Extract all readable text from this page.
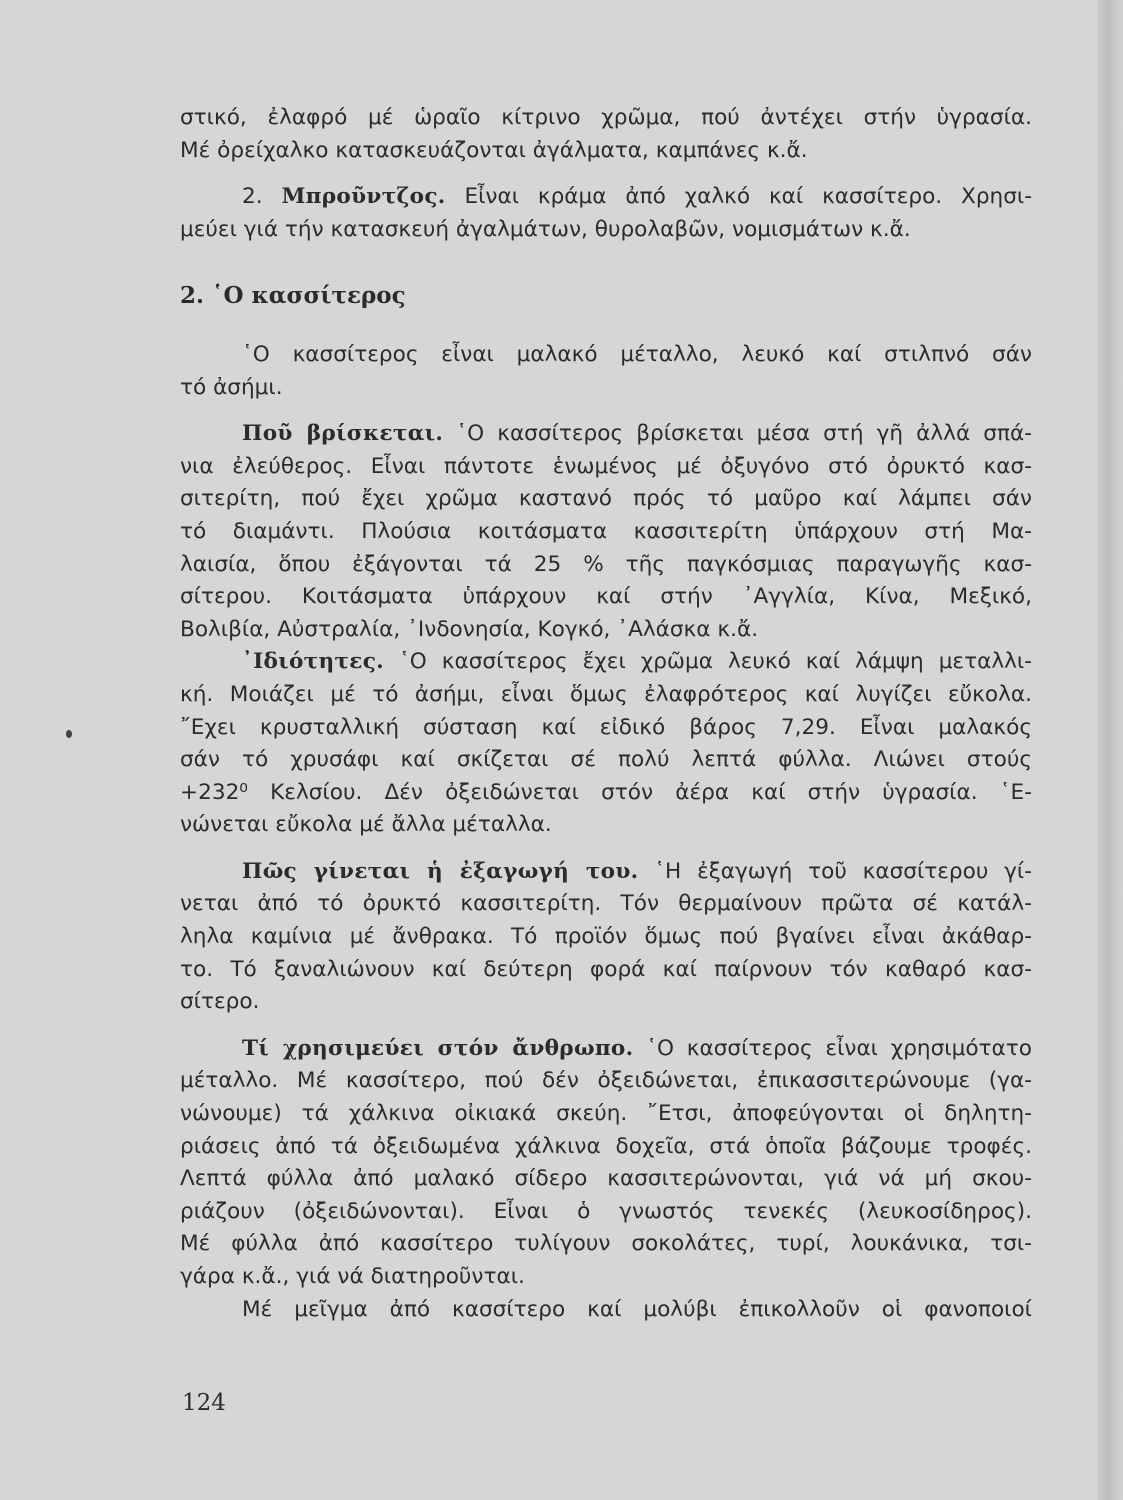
στικό, ἐλαφρό μέ ὡραῖο κίτρινο χρῶμα, πού ἀντέχει στήν ὑγρασία.
Μέ ὀρείχαλκο κατασκευάζονται ἀγάλματα, καμπάνες κ.ἄ.

2. Μπροῦντζος. Εἶναι κράμα ἀπό χαλκό καί κασσίτερο. Χρησι-
μεύει γιά τήν κατασκευή ἀγαλμάτων, θυρολαβῶν, νομισμάτων κ.ἄ.

2. ῾Ο κασσίτερος

῾Ο κασσίτερος εἶναι μαλακό μέταλλο, λευκό καί στιλπνό σάν
τό ἀσήμι.

Ποῦ βρίσκεται. ῾Ο κασσίτερος βρίσκεται μέσα στή γῆ ἀλλά σπά-
νια ἐλεύθερος. Εἶναι πάντοτε ἑνωμένος μέ ὀξυγόνο στό ὀρυκτό κασ-
σιτερίτη, πού ἔχει χρῶμα καστανό πρός τό μαῦρο καί λάμπει σάν
τό διαμάντι. Πλούσια κοιτάσματα κασσιτερίτη ὑπάρχουν στή Μα-
λαισία, ὅπου ἐξάγονται τά 25 % τῆς παγκόσμιας παραγωγῆς κασ-
σίτερου. Κοιτάσματα ὑπάρχουν καί στήν ᾿Αγγλία, Κίνα, Μεξικό,
Βολιβία, Αὐστραλία, ᾿Ινδονησία, Κογκό, ᾿Αλάσκα κ.ἄ.

᾿Ιδιότητες. ῾Ο κασσίτερος ἔχει χρῶμα λευκό καί λάμψη μεταλλι-
κή. Μοιάζει μέ τό ἀσήμι, εἶναι ὅμως ἐλαφρότερος καί λυγίζει εὔκολα.
῎Εχει κρυσταλλική σύσταση καί εἰδικό βάρος 7,29. Εἶναι μαλακός
σάν τό χρυσάφι καί σκίζεται σέ πολύ λεπτά φύλλα. Λιώνει στούς
+232⁰ Κελσίου. Δέν ὀξειδώνεται στόν ἀέρα καί στήν ὑγρασία. ῾Ε-
νώνεται εὔκολα μέ ἄλλα μέταλλα.

Πῶς γίνεται ἡ ἐξαγωγή του. ῾Η ἐξαγωγή τοῦ κασσίτερου γί-
νεται ἀπό τό ὀρυκτό κασσιτερίτη. Τόν θερμαίνουν πρῶτα σέ κατάλ-
ληλα καμίνια μέ ἄνθρακα. Τό προϊόν ὅμως πού βγαίνει εἶναι ἀκάθαρ-
το. Τό ξαναλιώνουν καί δεύτερη φορά καί παίρνουν τόν καθαρό κασ-
σίτερο.

Τί χρησιμεύει στόν ἄνθρωπο. ῾Ο κασσίτερος εἶναι χρησιμότατο
μέταλλο. Μέ κασσίτερο, πού δέν ὀξειδώνεται, ἐπικασσιτερώνουμε (γα-
νώνουμε) τά χάλκινα οἰκιακά σκεύη. ῎Ετσι, ἀποφεύγονται οἱ δηλητη-
ριάσεις ἀπό τά ὀξειδωμένα χάλκινα δοχεῖα, στά ὁποῖα βάζουμε τροφές.
Λεπτά φύλλα ἀπό μαλακό σίδερο κασσιτερώνονται, γιά νά μή σκου-
ριάζουν (ὀξειδώνονται). Εἶναι ὁ γνωστός τενεκές (λευκοσίδηρος).
Μέ φύλλα ἀπό κασσίτερο τυλίγουν σοκολάτες, τυρί, λουκάνικα, τσι-
γάρα κ.ἄ., γιά νά διατηροῦνται.

Μέ μεῖγμα ἀπό κασσίτερο καί μολύβι ἐπικολλοῦν οἱ φανοποιοί

124
